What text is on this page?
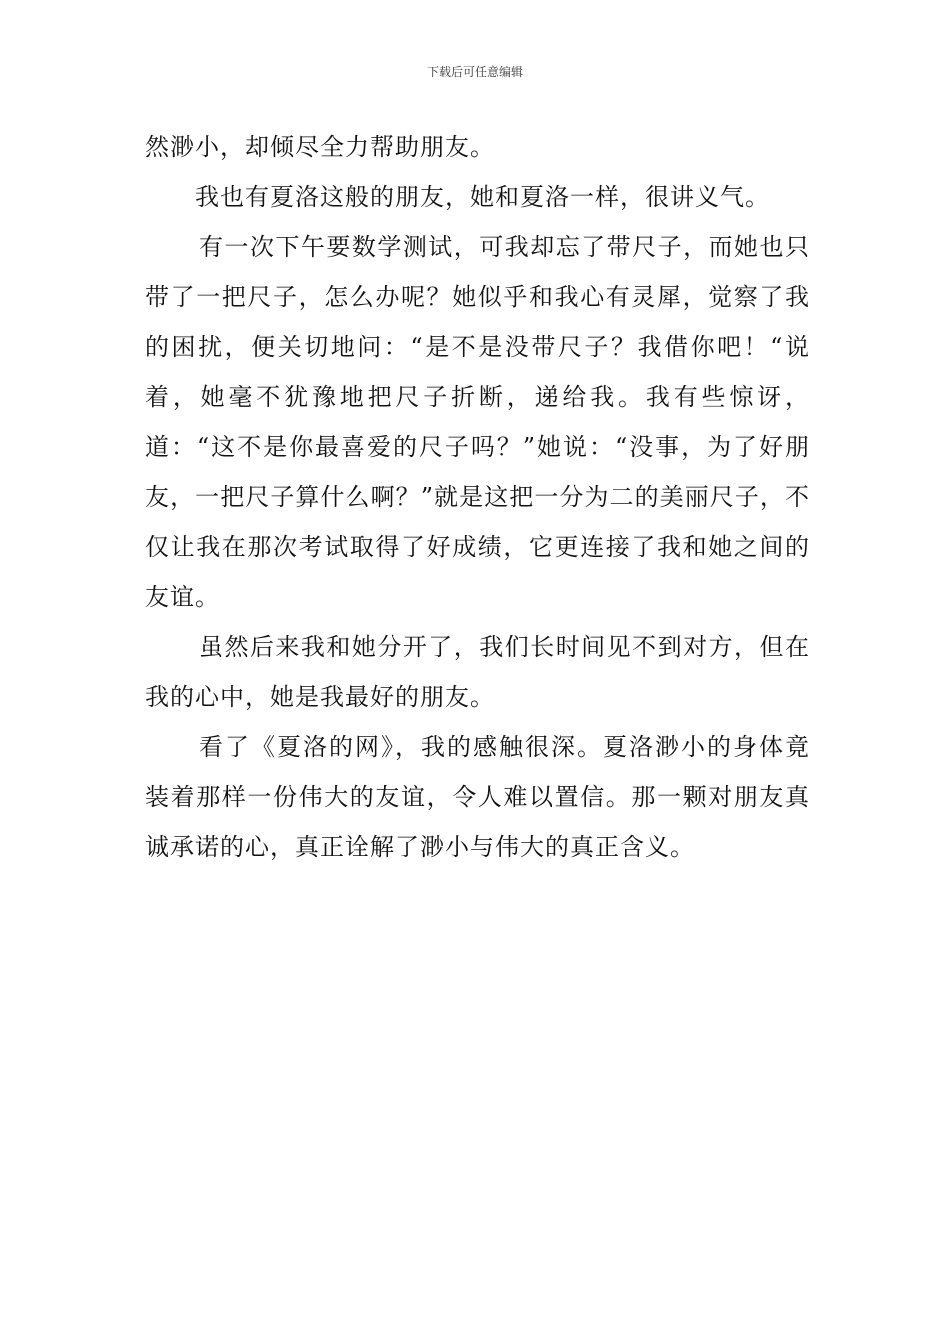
下载后可任意编辑

然渺小，却倾尽全力帮助朋友。

我也有夏洛这般的朋友，她和夏洛一样，很讲义气。

有一次下午要数学测试，可我却忘了带尺子，而她也只带了一把尺子，怎么办呢？她似乎和我心有灵犀，觉察了我的困扰，便关切地问：“是不是没带尺子？我借你吧！“说着，她毫不犹豫地把尺子折断，递给我。我有些惊讶，道：“这不是你最喜爱的尺子吗？”她说：“没事，为了好朋友，一把尺子算什么啊？”就是这把一分为二的美丽尺子，不仅让我在那次考试取得了好成绩，它更连接了我和她之间的友谊。

虽然后来我和她分开了，我们长时间见不到对方，但在我的心中，她是我最好的朋友。

看了《夏洛的网》，我的感触很深。夏洛渺小的身体竟装着那样一份伟大的友谊，令人难以置信。那一颗对朋友真诚承诺的心，真正诠解了渺小与伟大的真正含义。
